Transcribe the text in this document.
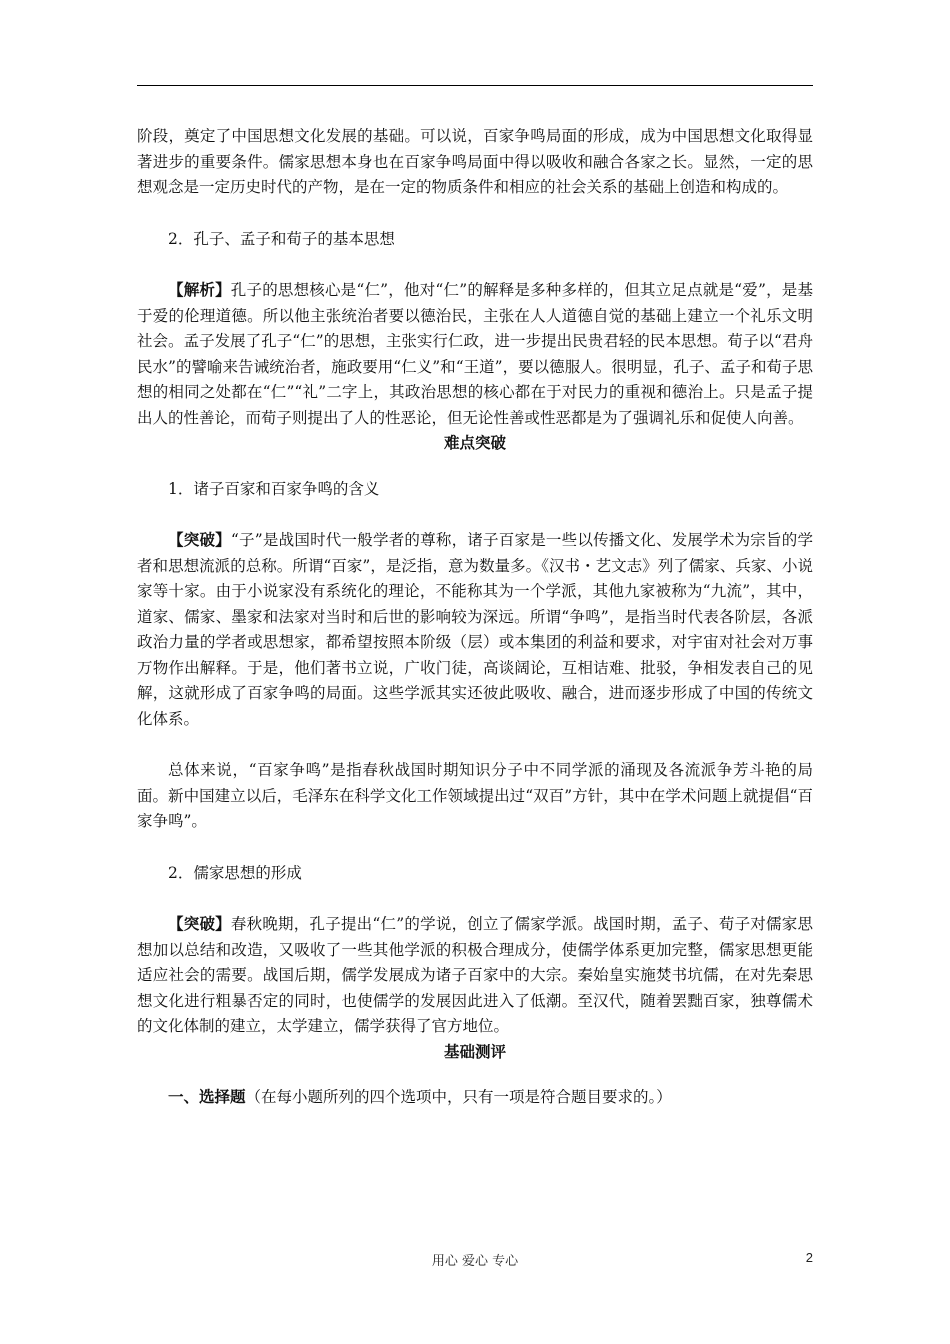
阶段，奠定了中国思想文化发展的基础。可以说，百家争鸣局面的形成，成为中国思想文化取得显著进步的重要条件。儒家思想本身也在百家争鸣局面中得以吸收和融合各家之长。显然，一定的思想观念是一定历史时代的产物，是在一定的物质条件和相应的社会关系的基础上创造和构成的。

2．孔子、孟子和荀子的基本思想

【解析】孔子的思想核心是“仁”，他对“仁”的解释是多种多样的，但其立足点就是“爱”，是基于爱的伦理道德。所以他主张统治者要以德治民，主张在人人道德自觉的基础上建立一个礼乐文明社会。孟子发展了孔子“仁”的思想，主张实行仁政，进一步提出民贵君轻的民本思想。荀子以“君舟民水”的譬喻来告诫统治者，施政要用“仁义”和“王道”，要以德服人。很明显，孔子、孟子和荀子思想的相同之处都在“仁”“礼”二字上，其政治思想的核心都在于对民力的重视和德治上。只是孟子提出人的性善论，而荀子则提出了人的性恶论，但无论性善或性恶都是为了强调礼乐和促使人向善。

难点突破

1．诸子百家和百家争鸣的含义

【突破】“子”是战国时代一般学者的尊称，诸子百家是一些以传播文化、发展学术为宗旨的学者和思想流派的总称。所谓“百家”，是泛指，意为数量多。《汉书・艺文志》列了儒家、兵家、小说家等十家。由于小说家没有系统化的理论，不能称其为一个学派，其他九家被称为“九流”，其中，道家、儒家、墨家和法家对当时和后世的影响较为深远。所谓“争鸣”，是指当时代表各阶层，各派政治力量的学者或思想家，都希望按照本阶级（层）或本集团的利益和要求，对宇宙对社会对万事万物作出解释。于是，他们著书立说，广收门徒，高谈阔论，互相诘难、批驳，争相发表自己的见解，这就形成了百家争鸣的局面。这些学派其实还彼此吸收、融合，进而逐步形成了中国的传统文化体系。

总体来说，“百家争鸣”是指春秋战国时期知识分子中不同学派的涌现及各流派争芳斗艳的局面。新中国建立以后，毛泽东在科学文化工作领域提出过“双百”方针，其中在学术问题上就提倡“百家争鸣”。

2．儒家思想的形成

【突破】春秋晚期，孔子提出“仁”的学说，创立了儒家学派。战国时期，孟子、荀子对儒家思想加以总结和改造，又吸收了一些其他学派的积极合理成分，使儒学体系更加完整，儒家思想更能适应社会的需要。战国后期，儒学发展成为诸子百家中的大宗。秦始皇实施焚书坑儒，在对先秦思想文化进行粗暴否定的同时，也使儒学的发展因此进入了低潮。至汉代，随着罢黜百家，独尊儒术的文化体制的建立，太学建立，儒学获得了官方地位。

基础测评

一、选择题（在每小题所列的四个选项中，只有一项是符合题目要求的。）

用心 爱心 专心	2
